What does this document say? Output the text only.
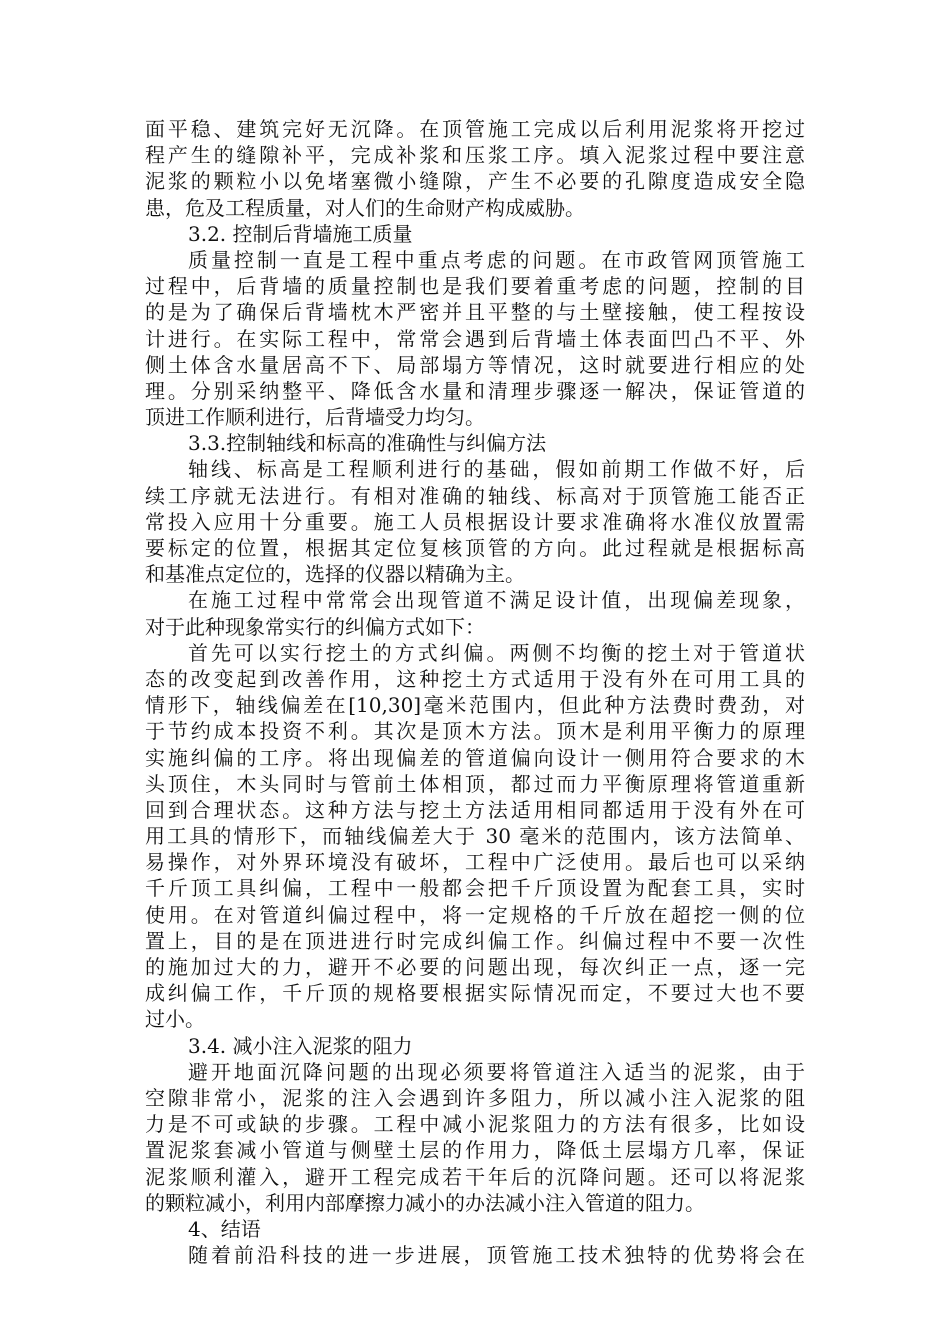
面平稳、建筑完好无沉降。在顶管施工完成以后利用泥浆将开挖过
程产生的缝隙补平，完成补浆和压浆工序。填入泥浆过程中要注意
泥浆的颗粒小以免堵塞微小缝隙，产生不必要的孔隙度造成安全隐
患，危及工程质量，对人们的生命财产构成威胁。
3.2. 控制后背墙施工质量
质量控制一直是工程中重点考虑的问题。在市政管网顶管施工
过程中，后背墙的质量控制也是我们要着重考虑的问题，控制的目
的是为了确保后背墙枕木严密并且平整的与土壁接触，使工程按设
计进行。在实际工程中，常常会遇到后背墙土体表面凹凸不平、外
侧土体含水量居高不下、局部塌方等情况，这时就要进行相应的处
理。分别采纳整平、降低含水量和清理步骤逐一解决，保证管道的
顶进工作顺利进行，后背墙受力均匀。
3.3.控制轴线和标高的准确性与纠偏方法
轴线、标高是工程顺利进行的基础，假如前期工作做不好，后
续工序就无法进行。有相对准确的轴线、标高对于顶管施工能否正
常投入应用十分重要。施工人员根据设计要求准确将水准仪放置需
要标定的位置，根据其定位复核顶管的方向。此过程就是根据标高
和基准点定位的，选择的仪器以精确为主。
在施工过程中常常会出现管道不满足设计值，出现偏差现象，
对于此种现象常实行的纠偏方式如下：
首先可以实行挖土的方式纠偏。两侧不均衡的挖土对于管道状
态的改变起到改善作用，这种挖土方式适用于没有外在可用工具的
情形下，轴线偏差在[10,30]毫米范围内，但此种方法费时费劲，对
于节约成本投资不利。其次是顶木方法。顶木是利用平衡力的原理
实施纠偏的工序。将出现偏差的管道偏向设计一侧用符合要求的木
头顶住，木头同时与管前土体相顶，都过而力平衡原理将管道重新
回到合理状态。这种方法与挖土方法适用相同都适用于没有外在可
用工具的情形下，而轴线偏差大于 30 毫米的范围内，该方法简单、
易操作，对外界环境没有破坏，工程中广泛使用。最后也可以采纳
千斤顶工具纠偏，工程中一般都会把千斤顶设置为配套工具，实时
使用。在对管道纠偏过程中，将一定规格的千斤放在超挖一侧的位
置上，目的是在顶进进行时完成纠偏工作。纠偏过程中不要一次性
的施加过大的力，避开不必要的问题出现，每次纠正一点，逐一完
成纠偏工作，千斤顶的规格要根据实际情况而定，不要过大也不要
过小。
3.4. 减小注入泥浆的阻力
避开地面沉降问题的出现必须要将管道注入适当的泥浆，由于
空隙非常小，泥浆的注入会遇到许多阻力，所以减小注入泥浆的阻
力是不可或缺的步骤。工程中减小泥浆阻力的方法有很多，比如设
置泥浆套减小管道与侧壁土层的作用力，降低土层塌方几率，保证
泥浆顺利灌入，避开工程完成若干年后的沉降问题。还可以将泥浆
的颗粒减小，利用内部摩擦力减小的办法减小注入管道的阻力。
4、结语
随着前沿科技的进一步进展，顶管施工技术独特的优势将会在
